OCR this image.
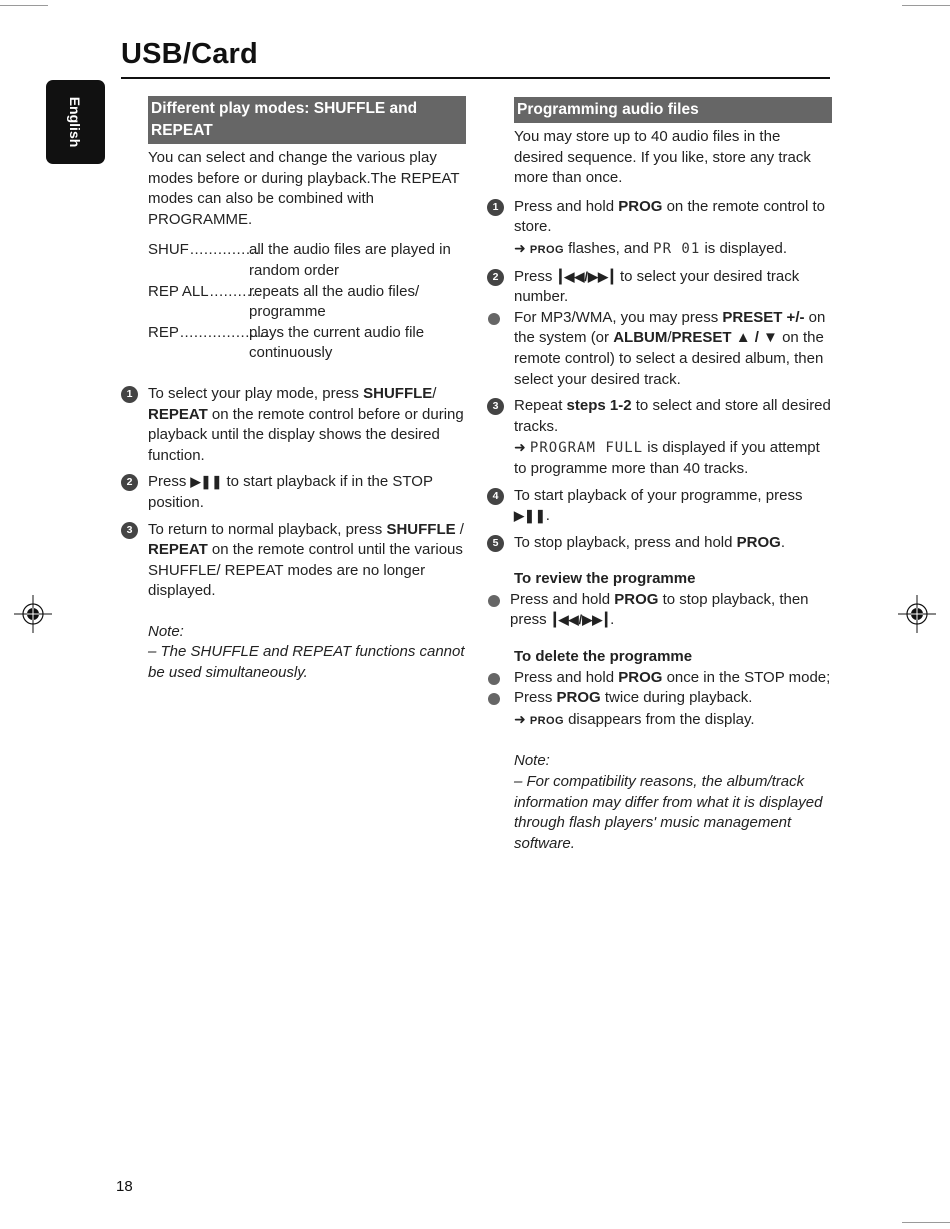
USB/Card
English	Different play modes: SHUFFLE and REPEAT

You can select and change the various play modes before or during playback.The REPEAT modes can also be combined with PROGRAMME.

SHUF................
all the audio files are played in random order
REP ALL...........
repeats all the audio files/ programme
REP...................
plays the current audio file continuously
1	To select your play mode, press SHUFFLE/ REPEAT on the remote control before or during playback until the display shows the desired function.
2	Press ▶❚❚ to start playback if in the STOP position.
3	To return to normal playback, press SHUFFLE / REPEAT on the remote control until the various SHUFFLE/ REPEAT modes are no longer displayed.

Note:

– The SHUFFLE and REPEAT functions cannot be used simultaneously.

Programming audio files

You may store up to 40 audio files in the desired sequence. If you like, store any track more than once.

1	Press and hold PROG on the remote control to store.
➜ PROG flashes, and PR 01 is displayed.
2	Press ┃◀◀/▶▶┃ to select your desired track number.
For MP3/WMA, you may press PRESET +/- on the system (or ALBUM/PRESET ▲ / ▼ on the remote control) to select a desired album, then select your desired track.
3	Repeat steps 1-2 to select and store all desired tracks.
➜ PROGRAM FULL is displayed if you attempt to programme more than 40 tracks.
4	To start playback of your programme, press ▶❚❚.
5	To stop playback, press and hold PROG.

To review the programme

Press and hold PROG to stop playback, then press ┃◀◀/▶▶┃.

To delete the programme

Press and hold PROG once in the STOP mode;
Press PROG twice during playback.
➜ PROG disappears from the display.

Note:

– For compatibility reasons, the album/track information may differ from what it is displayed through flash players' music management software.

18
